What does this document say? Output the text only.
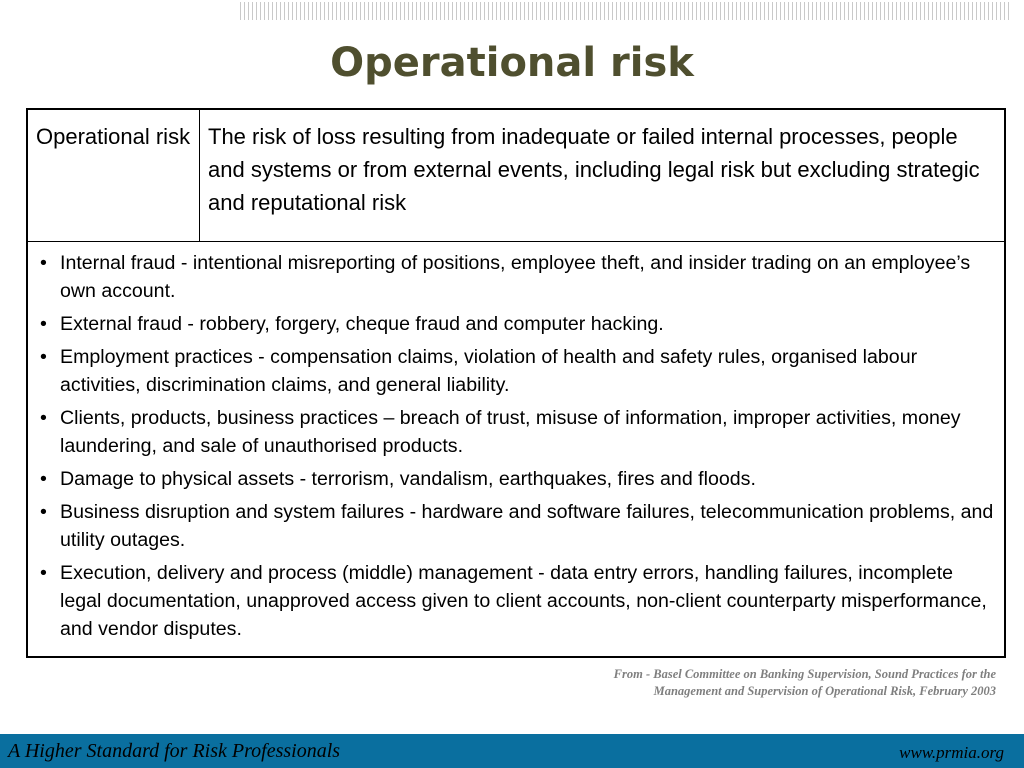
Operational risk
Operational risk The risk of loss resulting from inadequate or failed internal processes, people and systems or from external events, including legal risk but excluding strategic and reputational risk
• Internal fraud - intentional misreporting of positions, employee theft, and insider trading on an employee’s own account.
• External fraud - robbery, forgery, cheque fraud and computer hacking.
• Employment practices - compensation claims, violation of health and safety rules, organised labour activities, discrimination claims, and general liability.
• Clients, products, business practices – breach of trust, misuse of information, improper activities, money laundering, and sale of unauthorised products.
• Damage to physical assets - terrorism, vandalism, earthquakes, fires and floods.
• Business disruption and system failures - hardware and software failures, telecommunication problems, and utility outages.
• Execution, delivery and process (middle) management - data entry errors, handling failures, incomplete legal documentation, unapproved access given to client accounts, non-client counterparty misperformance, and vendor disputes.
From - Basel Committee on Banking Supervision, Sound Practices for the
Management and Supervision of Operational Risk, February 2003
A Higher Standard for Risk Professionals	www.prmia.org
